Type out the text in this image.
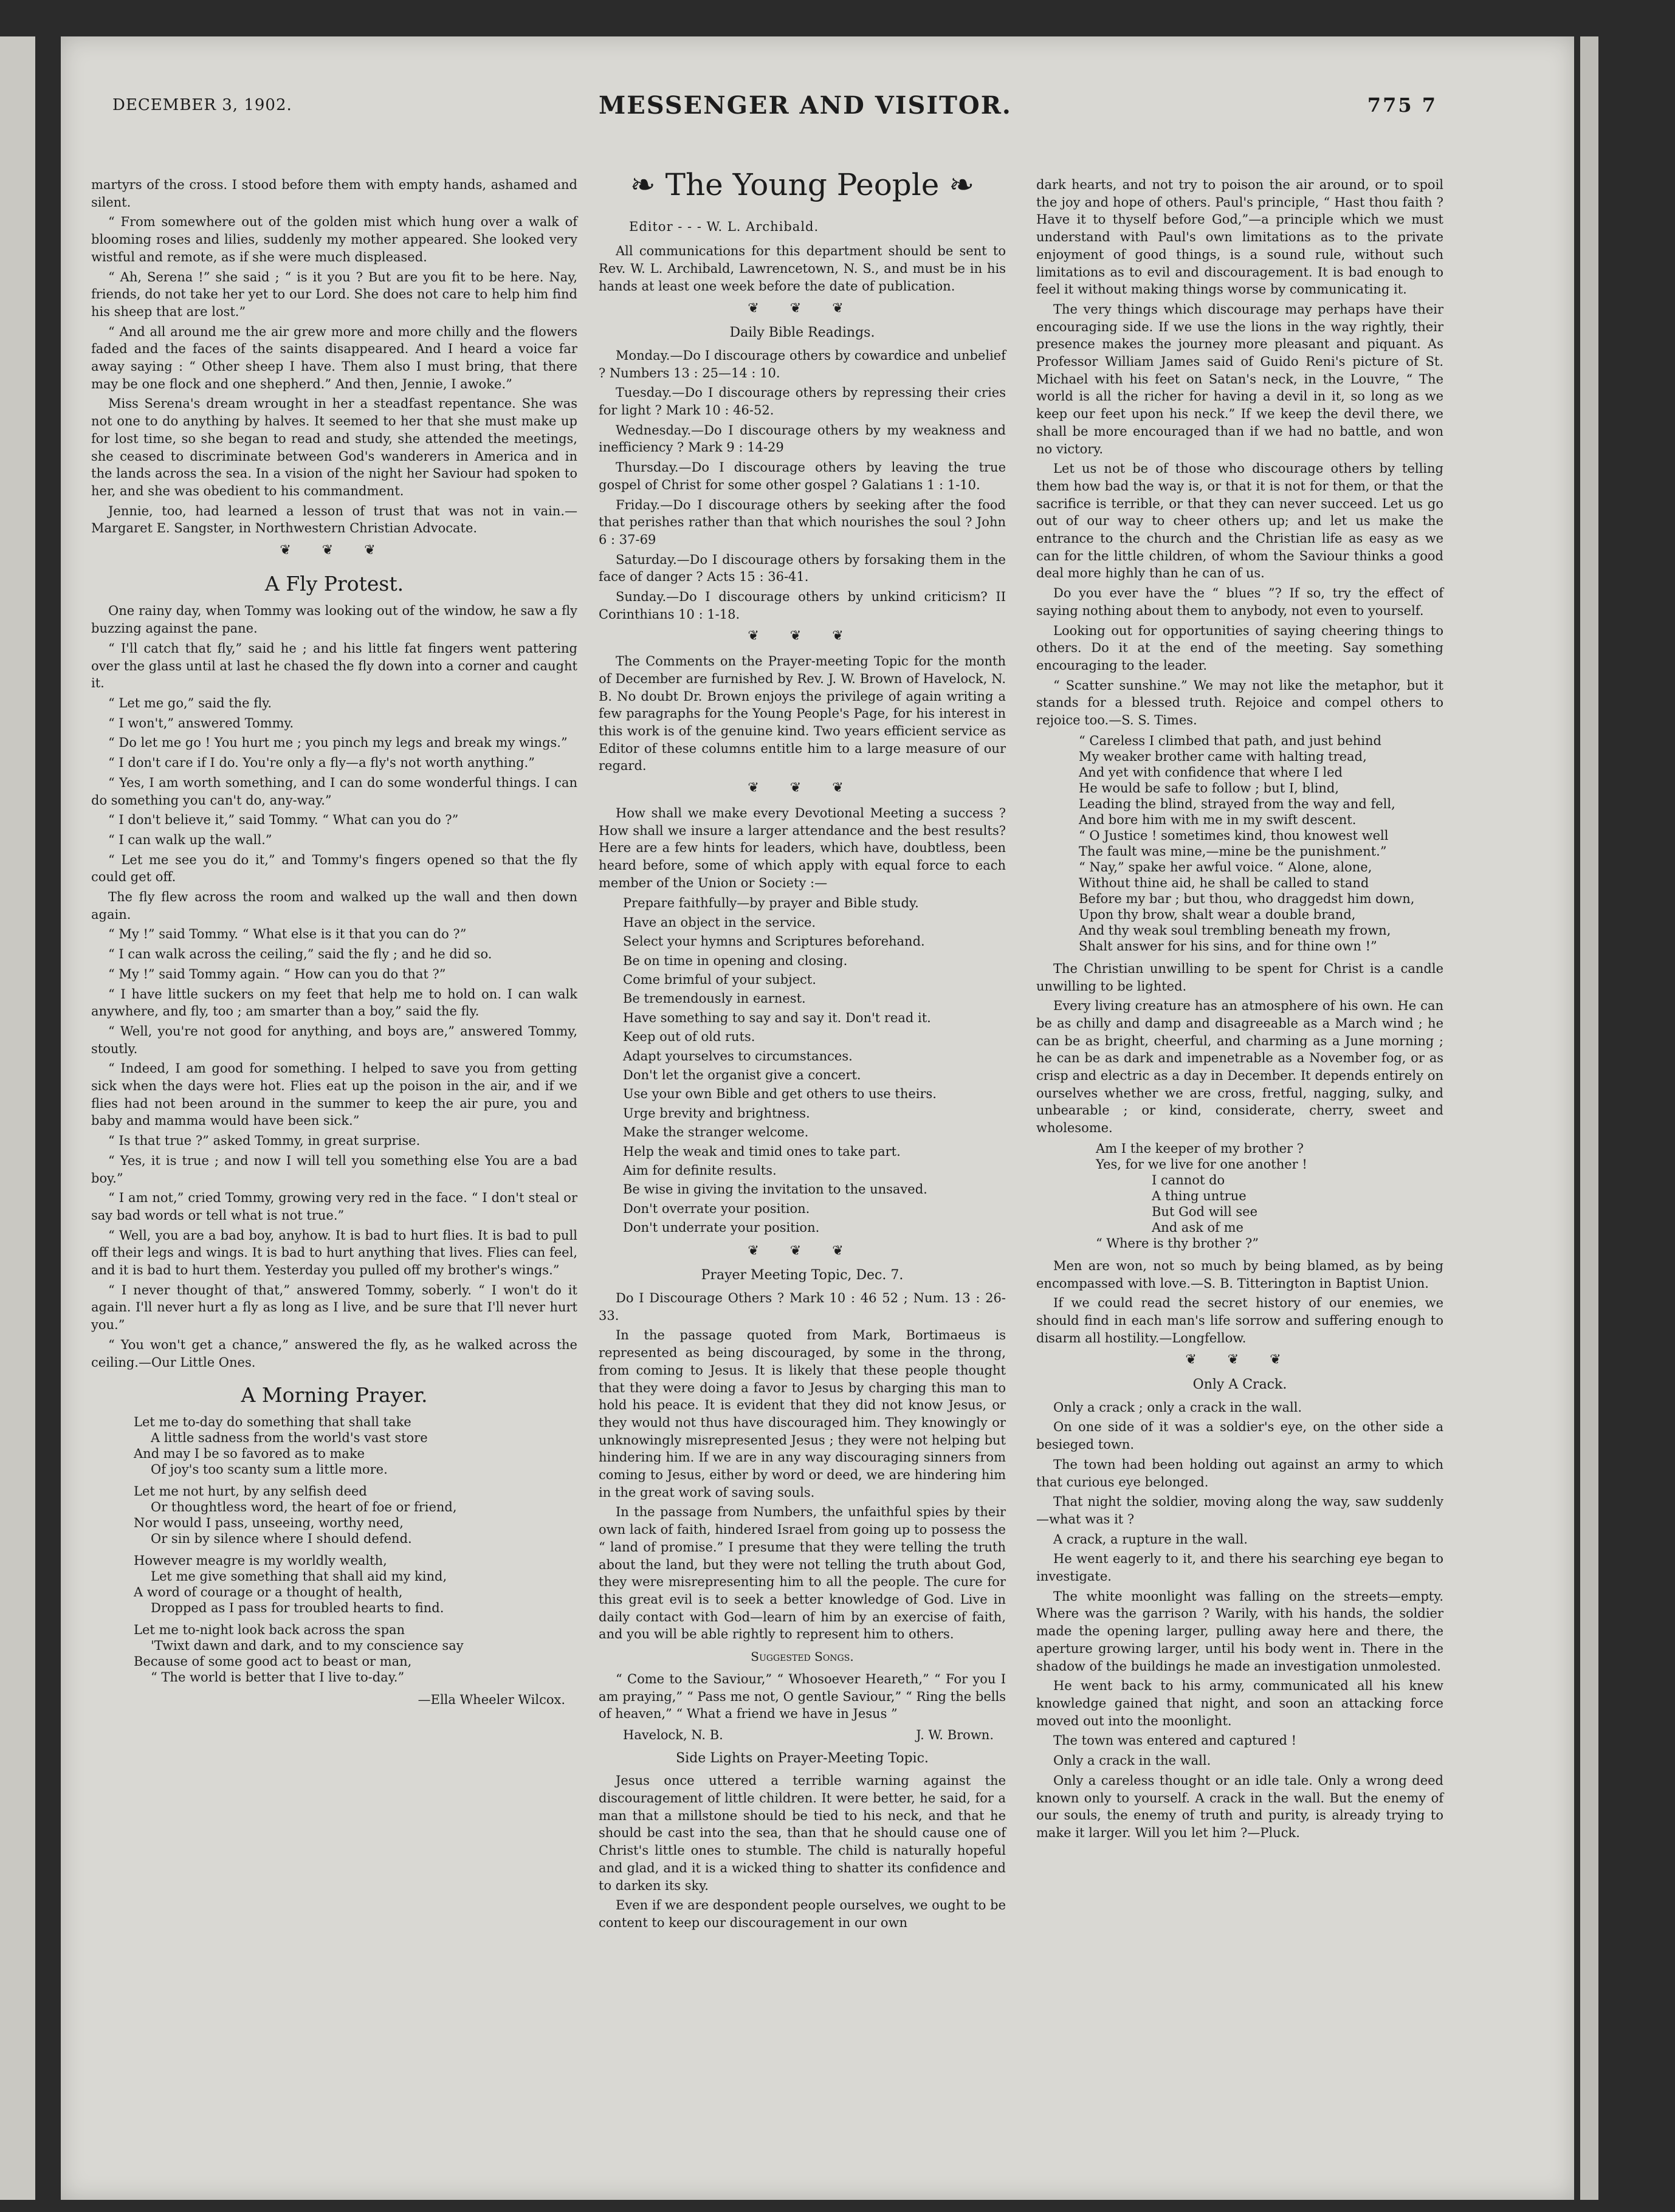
DECEMBER 3, 1902.	MESSENGER AND VISITOR.	775 7

martyrs of the cross. I stood before them with empty hands, ashamed and silent.

“ From somewhere out of the golden mist which hung over a walk of blooming roses and lilies, suddenly my mother appeared. She looked very wistful and remote, as if she were much displeased.

“ Ah, Serena !” she said ; “ is it you ? But are you fit to be here. Nay, friends, do not take her yet to our Lord. She does not care to help him find his sheep that are lost.”

“ And all around me the air grew more and more chilly and the flowers faded and the faces of the saints disappeared. And I heard a voice far away saying : “ Other sheep I have. Them also I must bring, that there may be one flock and one shepherd.” And then, Jennie, I awoke.”

Miss Serena's dream wrought in her a steadfast repentance. She was not one to do anything by halves. It seemed to her that she must make up for lost time, so she began to read and study, she attended the meetings, she ceased to discriminate between God's wanderers in America and in the lands across the sea. In a vision of the night her Saviour had spoken to her, and she was obedient to his commandment.

Jennie, too, had learned a lesson of trust that was not in vain.—Margaret E. Sangster, in Northwestern Christian Advocate.

❦ ❦ ❦
A Fly Protest.

One rainy day, when Tommy was looking out of the window, he saw a fly buzzing against the pane.

“ I'll catch that fly,” said he ; and his little fat fingers went pattering over the glass until at last he chased the fly down into a corner and caught it.

“ Let me go,” said the fly.

“ I won't,” answered Tommy.

“ Do let me go ! You hurt me ; you pinch my legs and break my wings.”

“ I don't care if I do. You're only a fly—a fly's not worth anything.”

“ Yes, I am worth something, and I can do some wonderful things. I can do something you can't do, any-way.”

“ I don't believe it,” said Tommy. “ What can you do ?”

“ I can walk up the wall.”

“ Let me see you do it,” and Tommy's fingers opened so that the fly could get off.

The fly flew across the room and walked up the wall and then down again.

“ My !” said Tommy. “ What else is it that you can do ?”

“ I can walk across the ceiling,” said the fly ; and he did so.

“ My !” said Tommy again. “ How can you do that ?”

“ I have little suckers on my feet that help me to hold on. I can walk anywhere, and fly, too ; am smarter than a boy,” said the fly.

“ Well, you're not good for anything, and boys are,” answered Tommy, stoutly.

“ Indeed, I am good for something. I helped to save you from getting sick when the days were hot. Flies eat up the poison in the air, and if we flies had not been around in the summer to keep the air pure, you and baby and mamma would have been sick.”

“ Is that true ?” asked Tommy, in great surprise.

“ Yes, it is true ; and now I will tell you something else You are a bad boy.”

“ I am not,” cried Tommy, growing very red in the face. “ I don't steal or say bad words or tell what is not true.”

“ Well, you are a bad boy, anyhow. It is bad to hurt flies. It is bad to pull off their legs and wings. It is bad to hurt anything that lives. Flies can feel, and it is bad to hurt them. Yesterday you pulled off my brother's wings.”

“ I never thought of that,” answered Tommy, soberly. “ I won't do it again. I'll never hurt a fly as long as I live, and be sure that I'll never hurt you.”

“ You won't get a chance,” answered the fly, as he walked across the ceiling.—Our Little Ones.

A Morning Prayer.
Let me to-day do something that shall take
A little sadness from the world's vast store
And may I be so favored as to make
Of joy's too scanty sum a little more.
Let me not hurt, by any selfish deed
Or thoughtless word, the heart of foe or friend,
Nor would I pass, unseeing, worthy need,
Or sin by silence where I should defend.
However meagre is my worldly wealth,
Let me give something that shall aid my kind,
A word of courage or a thought of health,
Dropped as I pass for troubled hearts to find.
Let me to-night look back across the span
'Twixt dawn and dark, and to my conscience say
Because of some good act to beast or man,
“ The world is better that I live to-day.”
—Ella Wheeler Wilcox.
❧ The Young People ❧
Editor - - - W. L. Archibald.

All communications for this department should be sent to Rev. W. L. Archibald, Lawrencetown, N. S., and must be in his hands at least one week before the date of publication.

❦ ❦ ❦
Daily Bible Readings.

Monday.—Do I discourage others by cowardice and unbelief ? Numbers 13 : 25—14 : 10.

Tuesday.—Do I discourage others by repressing their cries for light ? Mark 10 : 46-52.

Wednesday.—Do I discourage others by my weakness and inefficiency ? Mark 9 : 14-29

Thursday.—Do I discourage others by leaving the true gospel of Christ for some other gospel ? Galatians 1 : 1-10.

Friday.—Do I discourage others by seeking after the food that perishes rather than that which nourishes the soul ? John 6 : 37-69

Saturday.—Do I discourage others by forsaking them in the face of danger ? Acts 15 : 36-41.

Sunday.—Do I discourage others by unkind criticism? II Corinthians 10 : 1-18.

❦ ❦ ❦

The Comments on the Prayer-meeting Topic for the month of December are furnished by Rev. J. W. Brown of Havelock, N. B. No doubt Dr. Brown enjoys the privilege of again writing a few paragraphs for the Young People's Page, for his interest in this work is of the genuine kind. Two years efficient service as Editor of these columns entitle him to a large measure of our regard.

❦ ❦ ❦

How shall we make every Devotional Meeting a success ? How shall we insure a larger attendance and the best results? Here are a few hints for leaders, which have, doubtless, been heard before, some of which apply with equal force to each member of the Union or Society :—

Prepare faithfully—by prayer and Bible study.
Have an object in the service.
Select your hymns and Scriptures beforehand.
Be on time in opening and closing.
Come brimful of your subject.
Be tremendously in earnest.
Have something to say and say it. Don't read it.
Keep out of old ruts.
Adapt yourselves to circumstances.
Don't let the organist give a concert.
Use your own Bible and get others to use theirs.
Urge brevity and brightness.
Make the stranger welcome.
Help the weak and timid ones to take part.
Aim for definite results.
Be wise in giving the invitation to the unsaved.
Don't overrate your position.
Don't underrate your position.
❦ ❦ ❦
Prayer Meeting Topic, Dec. 7.

Do I Discourage Others ? Mark 10 : 46 52 ; Num. 13 : 26-33.

In the passage quoted from Mark, Bortimaeus is represented as being discouraged, by some in the throng, from coming to Jesus. It is likely that these people thought that they were doing a favor to Jesus by charging this man to hold his peace. It is evident that they did not know Jesus, or they would not thus have discouraged him. They knowingly or unknowingly misrepresented Jesus ; they were not helping but hindering him. If we are in any way discouraging sinners from coming to Jesus, either by word or deed, we are hindering him in the great work of saving souls.

In the passage from Numbers, the unfaithful spies by their own lack of faith, hindered Israel from going up to possess the “ land of promise.” I presume that they were telling the truth about the land, but they were not telling the truth about God, they were misrepresenting him to all the people. The cure for this great evil is to seek a better knowledge of God. Live in daily contact with God—learn of him by an exercise of faith, and you will be able rightly to represent him to others.

Suggested Songs.

“ Come to the Saviour,” “ Whosoever Heareth,” “ For you I am praying,” “ Pass me not, O gentle Saviour,” “ Ring the bells of heaven,” “ What a friend we have in Jesus ”

Havelock, N. B.	J. W. Brown.
Side Lights on Prayer-Meeting Topic.

Jesus once uttered a terrible warning against the discouragement of little children. It were better, he said, for a man that a millstone should be tied to his neck, and that he should be cast into the sea, than that he should cause one of Christ's little ones to stumble. The child is naturally hopeful and glad, and it is a wicked thing to shatter its confidence and to darken its sky.

Even if we are despondent people ourselves, we ought to be content to keep our discouragement in our own

dark hearts, and not try to poison the air around, or to spoil the joy and hope of others. Paul's principle, “ Hast thou faith ? Have it to thyself before God,”—a principle which we must understand with Paul's own limitations as to the private enjoyment of good things, is a sound rule, without such limitations as to evil and discouragement. It is bad enough to feel it without making things worse by communicating it.

The very things which discourage may perhaps have their encouraging side. If we use the lions in the way rightly, their presence makes the journey more pleasant and piquant. As Professor William James said of Guido Reni's picture of St. Michael with his feet on Satan's neck, in the Louvre, “ The world is all the richer for having a devil in it, so long as we keep our feet upon his neck.” If we keep the devil there, we shall be more encouraged than if we had no battle, and won no victory.

Let us not be of those who discourage others by telling them how bad the way is, or that it is not for them, or that the sacrifice is terrible, or that they can never succeed. Let us go out of our way to cheer others up; and let us make the entrance to the church and the Christian life as easy as we can for the little children, of whom the Saviour thinks a good deal more highly than he can of us.

Do you ever have the “ blues ”? If so, try the effect of saying nothing about them to anybody, not even to yourself.

Looking out for opportunities of saying cheering things to others. Do it at the end of the meeting. Say something encouraging to the leader.

“ Scatter sunshine.” We may not like the metaphor, but it stands for a blessed truth. Rejoice and compel others to rejoice too.—S. S. Times.

“ Careless I climbed that path, and just behind
My weaker brother came with halting tread,
And yet with confidence that where I led
He would be safe to follow ; but I, blind,
Leading the blind, strayed from the way and fell,
And bore him with me in my swift descent.
“ O Justice ! sometimes kind, thou knowest well
The fault was mine,—mine be the punishment.”
“ Nay,” spake her awful voice. “ Alone, alone,
Without thine aid, he shall be called to stand
Before my bar ; but thou, who draggedst him down,
Upon thy brow, shalt wear a double brand,
And thy weak soul trembling beneath my frown,
Shalt answer for his sins, and for thine own !”

The Christian unwilling to be spent for Christ is a candle unwilling to be lighted.

Every living creature has an atmosphere of his own. He can be as chilly and damp and disagreeable as a March wind ; he can be as bright, cheerful, and charming as a June morning ; he can be as dark and impenetrable as a November fog, or as crisp and electric as a day in December. It depends entirely on ourselves whether we are cross, fretful, nagging, sulky, and unbearable ; or kind, considerate, cherry, sweet and wholesome.

Am I the keeper of my brother ?
Yes, for we live for one another !
I cannot do
A thing untrue
But God will see
And ask of me
“ Where is thy brother ?”

Men are won, not so much by being blamed, as by being encompassed with love.—S. B. Titterington in Baptist Union.

If we could read the secret history of our enemies, we should find in each man's life sorrow and suffering enough to disarm all hostility.—Longfellow.

❦ ❦ ❦
Only A Crack.

Only a crack ; only a crack in the wall.

On one side of it was a soldier's eye, on the other side a besieged town.

The town had been holding out against an army to which that curious eye belonged.

That night the soldier, moving along the way, saw suddenly—what was it ?

A crack, a rupture in the wall.

He went eagerly to it, and there his searching eye began to investigate.

The white moonlight was falling on the streets—empty. Where was the garrison ? Warily, with his hands, the soldier made the opening larger, pulling away here and there, the aperture growing larger, until his body went in. There in the shadow of the buildings he made an investigation unmolested.

He went back to his army, communicated all his knew knowledge gained that night, and soon an attacking force moved out into the moonlight.

The town was entered and captured !

Only a crack in the wall.

Only a careless thought or an idle tale. Only a wrong deed known only to yourself. A crack in the wall. But the enemy of our souls, the enemy of truth and purity, is already trying to make it larger. Will you let him ?—Pluck.
